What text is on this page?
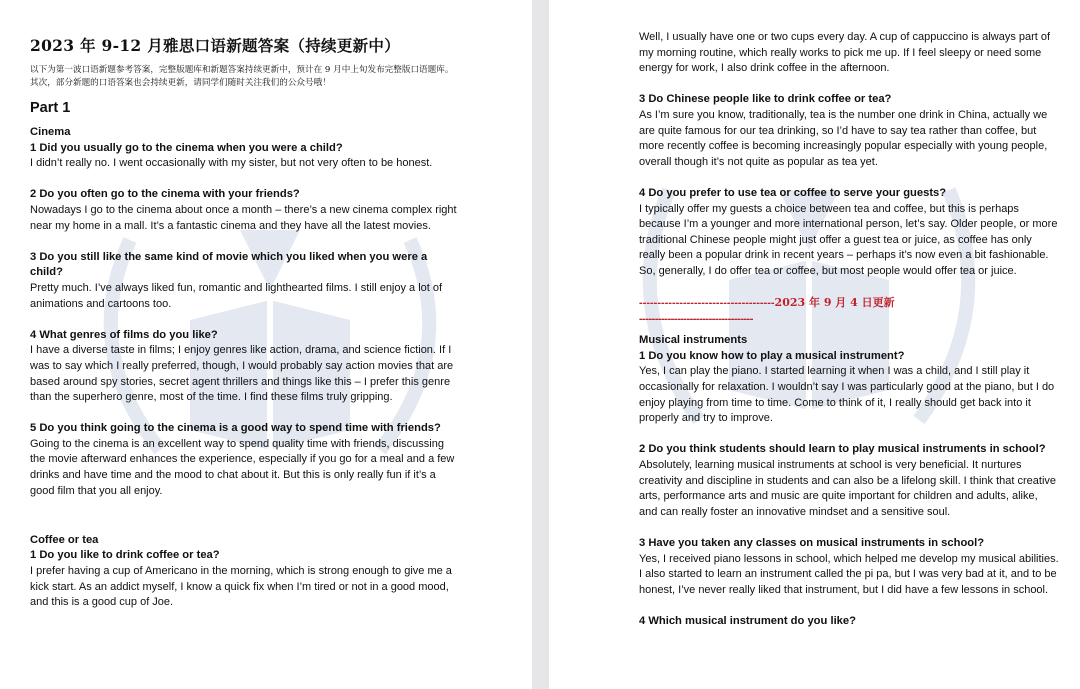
2023 年 9-12 月雅思口语新题答案（持续更新中）
以下为第一波口语新题参考答案，完整版题库和新题答案持续更新中，预计在 9 月中上旬发布完整版口语题库。其次，部分新题的口语答案也会持续更新，请同学们随时关注我们的公众号哦！
Part 1
Cinema
1 Did you usually go to the cinema when you were a child?
I didn’t really no. I went occasionally with my sister, but not very often to be honest.
2 Do you often go to the cinema with your friends?
Nowadays I go to the cinema about once a month – there’s a new cinema complex right near my home in a mall. It’s a fantastic cinema and they have all the latest movies.
3 Do you still like the same kind of movie which you liked when you were a child?
Pretty much. I’ve always liked fun, romantic and lighthearted films. I still enjoy a lot of animations and cartoons too.
4 What genres of films do you like?
I have a diverse taste in films; I enjoy genres like action, drama, and science fiction. If I was to say which I really preferred, though, I would probably say action movies that are based around spy stories, secret agent thrillers and things like this – I prefer this genre than the superhero genre, most of the time. I find these films truly gripping.
5 Do you think going to the cinema is a good way to spend time with friends?
Going to the cinema is an excellent way to spend quality time with friends, discussing the movie afterward enhances the experience, especially if you go for a meal and a few drinks and have time and the mood to chat about it. But this is only really fun if it’s a good film that you all enjoy.
Coffee or tea
1 Do you like to drink coffee or tea?
I prefer having a cup of Americano in the morning, which is strong enough to give me a kick start. As an addict myself, I know a quick fix when I’m tired or not in a good mood, and this is a good cup of Joe.
Well, I usually have one or two cups every day. A cup of cappuccino is always part of my morning routine, which really works to pick me up. If I feel sleepy or need some energy for work, I also drink coffee in the afternoon.
3 Do Chinese people like to drink coffee or tea?
As I’m sure you know, traditionally, tea is the number one drink in China, actually we are quite famous for our tea drinking, so I’d have to say tea rather than coffee, but more recently coffee is becoming increasingly popular especially with young people, overall though it’s not quite as popular as tea yet.
4 Do you prefer to use tea or coffee to serve your guests?
I typically offer my guests a choice between tea and coffee, but this is perhaps because I’m a younger and more international person, let’s say. Older people, or more traditional Chinese people might just offer a guest tea or juice, as coffee has only really been a popular drink in recent years – perhaps it’s now even a bit fashionable. So, generally, I do offer tea or coffee, but most people would offer tea or juice.
-------------------------------------2023 年 9 月 4 日更新
------------------------------------
Musical instruments
1 Do you know how to play a musical instrument?
Yes, I can play the piano. I started learning it when I was a child, and I still play it occasionally for relaxation. I wouldn’t say I was particularly good at the piano, but I do enjoy playing from time to time. Come to think of it, I really should get back into it properly and try to improve.
2 Do you think students should learn to play musical instruments in school?
Absolutely, learning musical instruments at school is very beneficial. It nurtures creativity and discipline in students and can also be a lifelong skill. I think that creative arts, performance arts and music are quite important for children and adults, alike, and can really foster an innovative mindset and a sensitive soul.
3 Have you taken any classes on musical instruments in school?
Yes, I received piano lessons in school, which helped me develop my musical abilities. I also started to learn an instrument called the pi pa, but I was very bad at it, and to be honest, I’ve never really liked that instrument, but I did have a few lessons in school.
4 Which musical instrument do you like?
